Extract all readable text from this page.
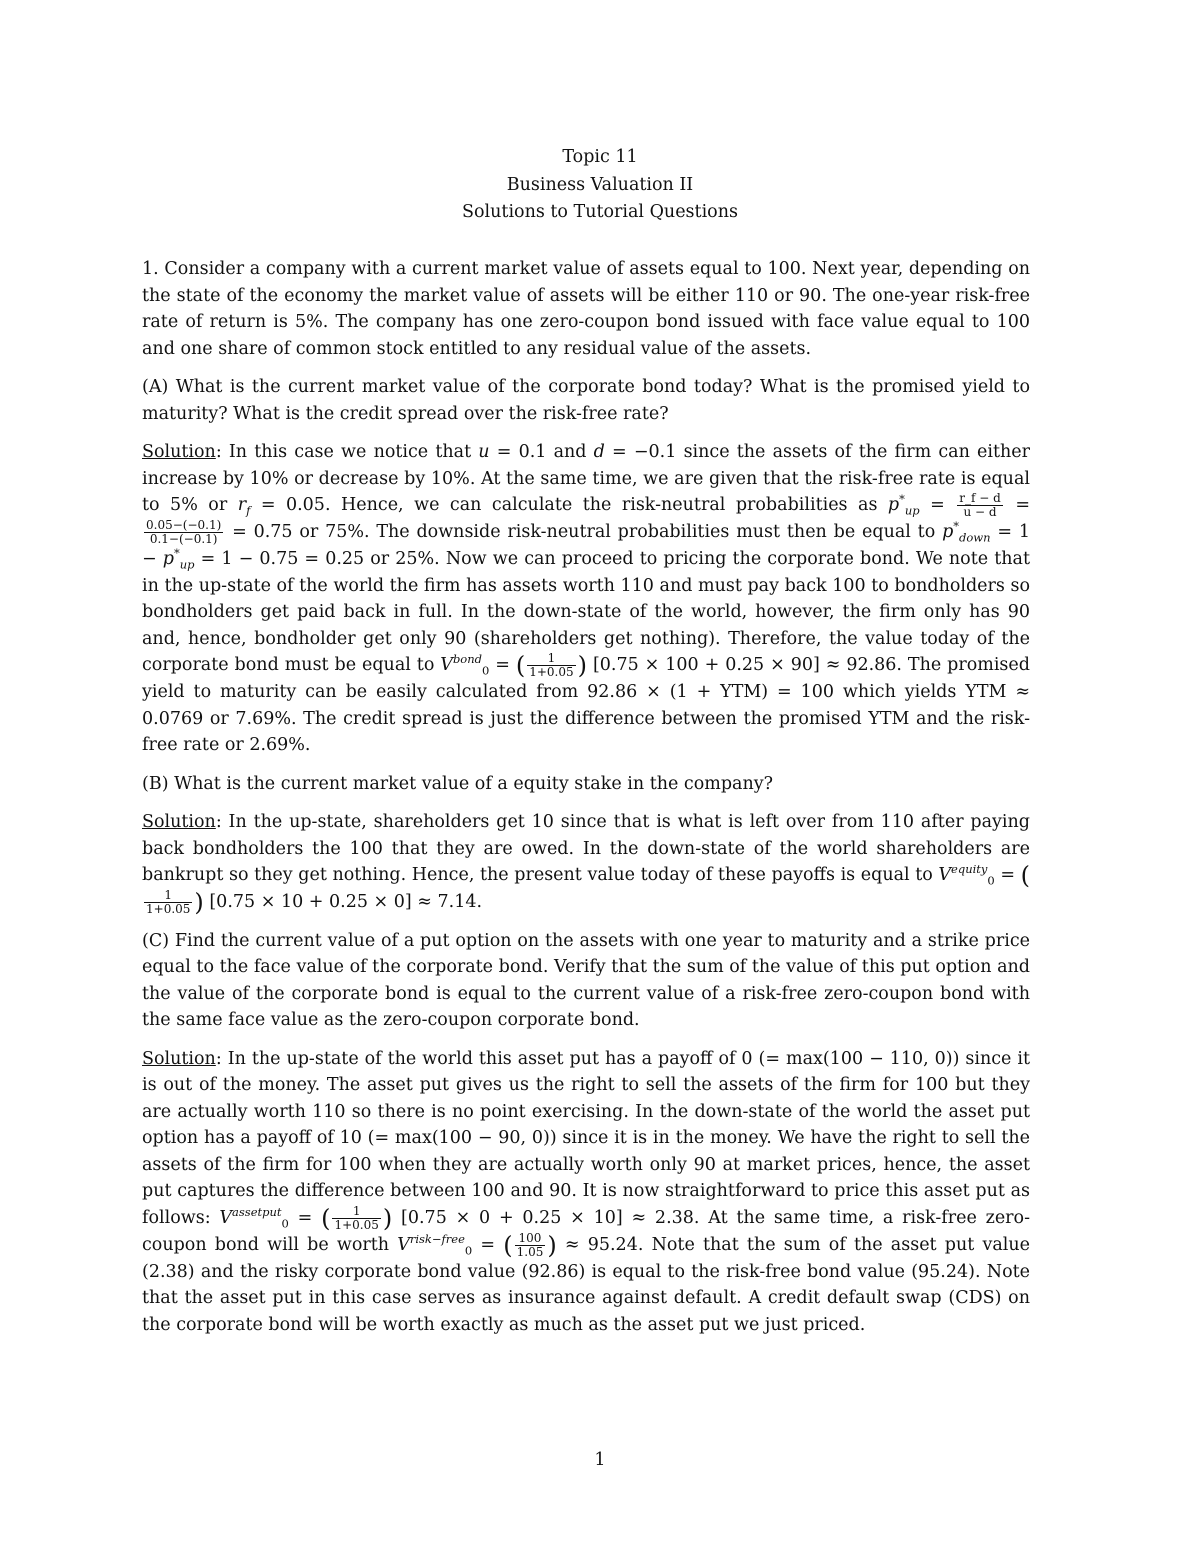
Topic 11
Business Valuation II
Solutions to Tutorial Questions

1. Consider a company with a current market value of assets equal to 100. Next year, depending on the state of the economy the market value of assets will be either 110 or 90. The one-year risk-free rate of return is 5%. The company has one zero-coupon bond issued with face value equal to 100 and one share of common stock entitled to any residual value of the assets.

(A) What is the current market value of the corporate bond today? What is the promised yield to maturity? What is the credit spread over the risk-free rate?

Solution: In this case we notice that u = 0.1 and d = −0.1 since the assets of the firm can either increase by 10% or decrease by 10%. At the same time, we are given that the risk-free rate is equal to 5% or $r_f = 0.05$. Hence, we can calculate the risk-neutral probabilities as $p^*_{up} = \frac{r\_f - d}{u - d}$ =
$\frac{0.05-(-0.1)}{0.1-(-0.1)} = 0.75$ or 75%. The downside risk-neutral probabilities must then be equal to $p^*_{down} = 1 - p^*_{up} = 1 - 0.75 = 0.25$ or 25%. Now we can proceed to pricing the corporate bond. We note that in the up-state of the world the firm has assets worth 110 and must pay back 100 to bondholders so bondholders get paid back in full. In the down-state of the world, however, the firm only has 90 and, hence, bondholder get only 90 (shareholders get nothing). Therefore, the value today of the corporate bond must be equal to $V^{bond}_0$ = ( $\frac{1}{1+0.05}$ ) [0.75 × 100 + 0.25 × 90] ≈ 92.86. The promised yield to maturity can be easily calculated from 92.86 × (1 + YTM) = 100 which yields YTM ≈ 0.0769 or 7.69%. The credit spread is just the difference between the promised YTM and the risk-free rate or 2.69%.

(B) What is the current market value of a equity stake in the company?

Solution: In the up-state, shareholders get 10 since that is what is left over from 110 after paying back bondholders the 100 that they are owed. In the down-state of the world shareholders are bankrupt so they get nothing. Hence, the present value today of these payoffs is equal to $V^{equity}_0$ = (
$\frac{1}{1+0.05}$ ) [0.75 × 10 + 0.25 × 0] ≈ 7.14.

(C) Find the current value of a put option on the assets with one year to maturity and a strike price equal to the face value of the corporate bond. Verify that the sum of the value of this put option and the value of the corporate bond is equal to the current value of a risk-free zero-coupon bond with the same face value as the zero-coupon corporate bond.

Solution: In the up-state of the world this asset put has a payoff of 0 (= max(100 − 110, 0)) since it is out of the money. The asset put gives us the right to sell the assets of the firm for 100 but they are actually worth 110 so there is no point exercising. In the down-state of the world the asset put option has a payoff of 10 (= max(100 − 90, 0)) since it is in the money. We have the right to sell the assets of the firm for 100 when they are actually worth only 90 at market prices, hence, the asset put captures the difference between 100 and 90. It is now straightforward to price this asset put as follows: $V^{assetput}_0$ = ( $\frac{1}{1+0.05}$ ) [0.75 × 0 + 0.25 × 10] ≈ 2.38. At the same time, a risk-free zero-coupon bond will be worth $V^{risk-free}_0$ = ( $\frac{100}{1.05}$ ) ≈ 95.24. Note that the sum of the asset put value (2.38) and the risky corporate bond value (92.86) is equal to the risk-free bond value (95.24). Note that the asset put in this case serves as insurance against default. A credit default swap (CDS) on the corporate bond will be worth exactly as much as the asset put we just priced.

1
